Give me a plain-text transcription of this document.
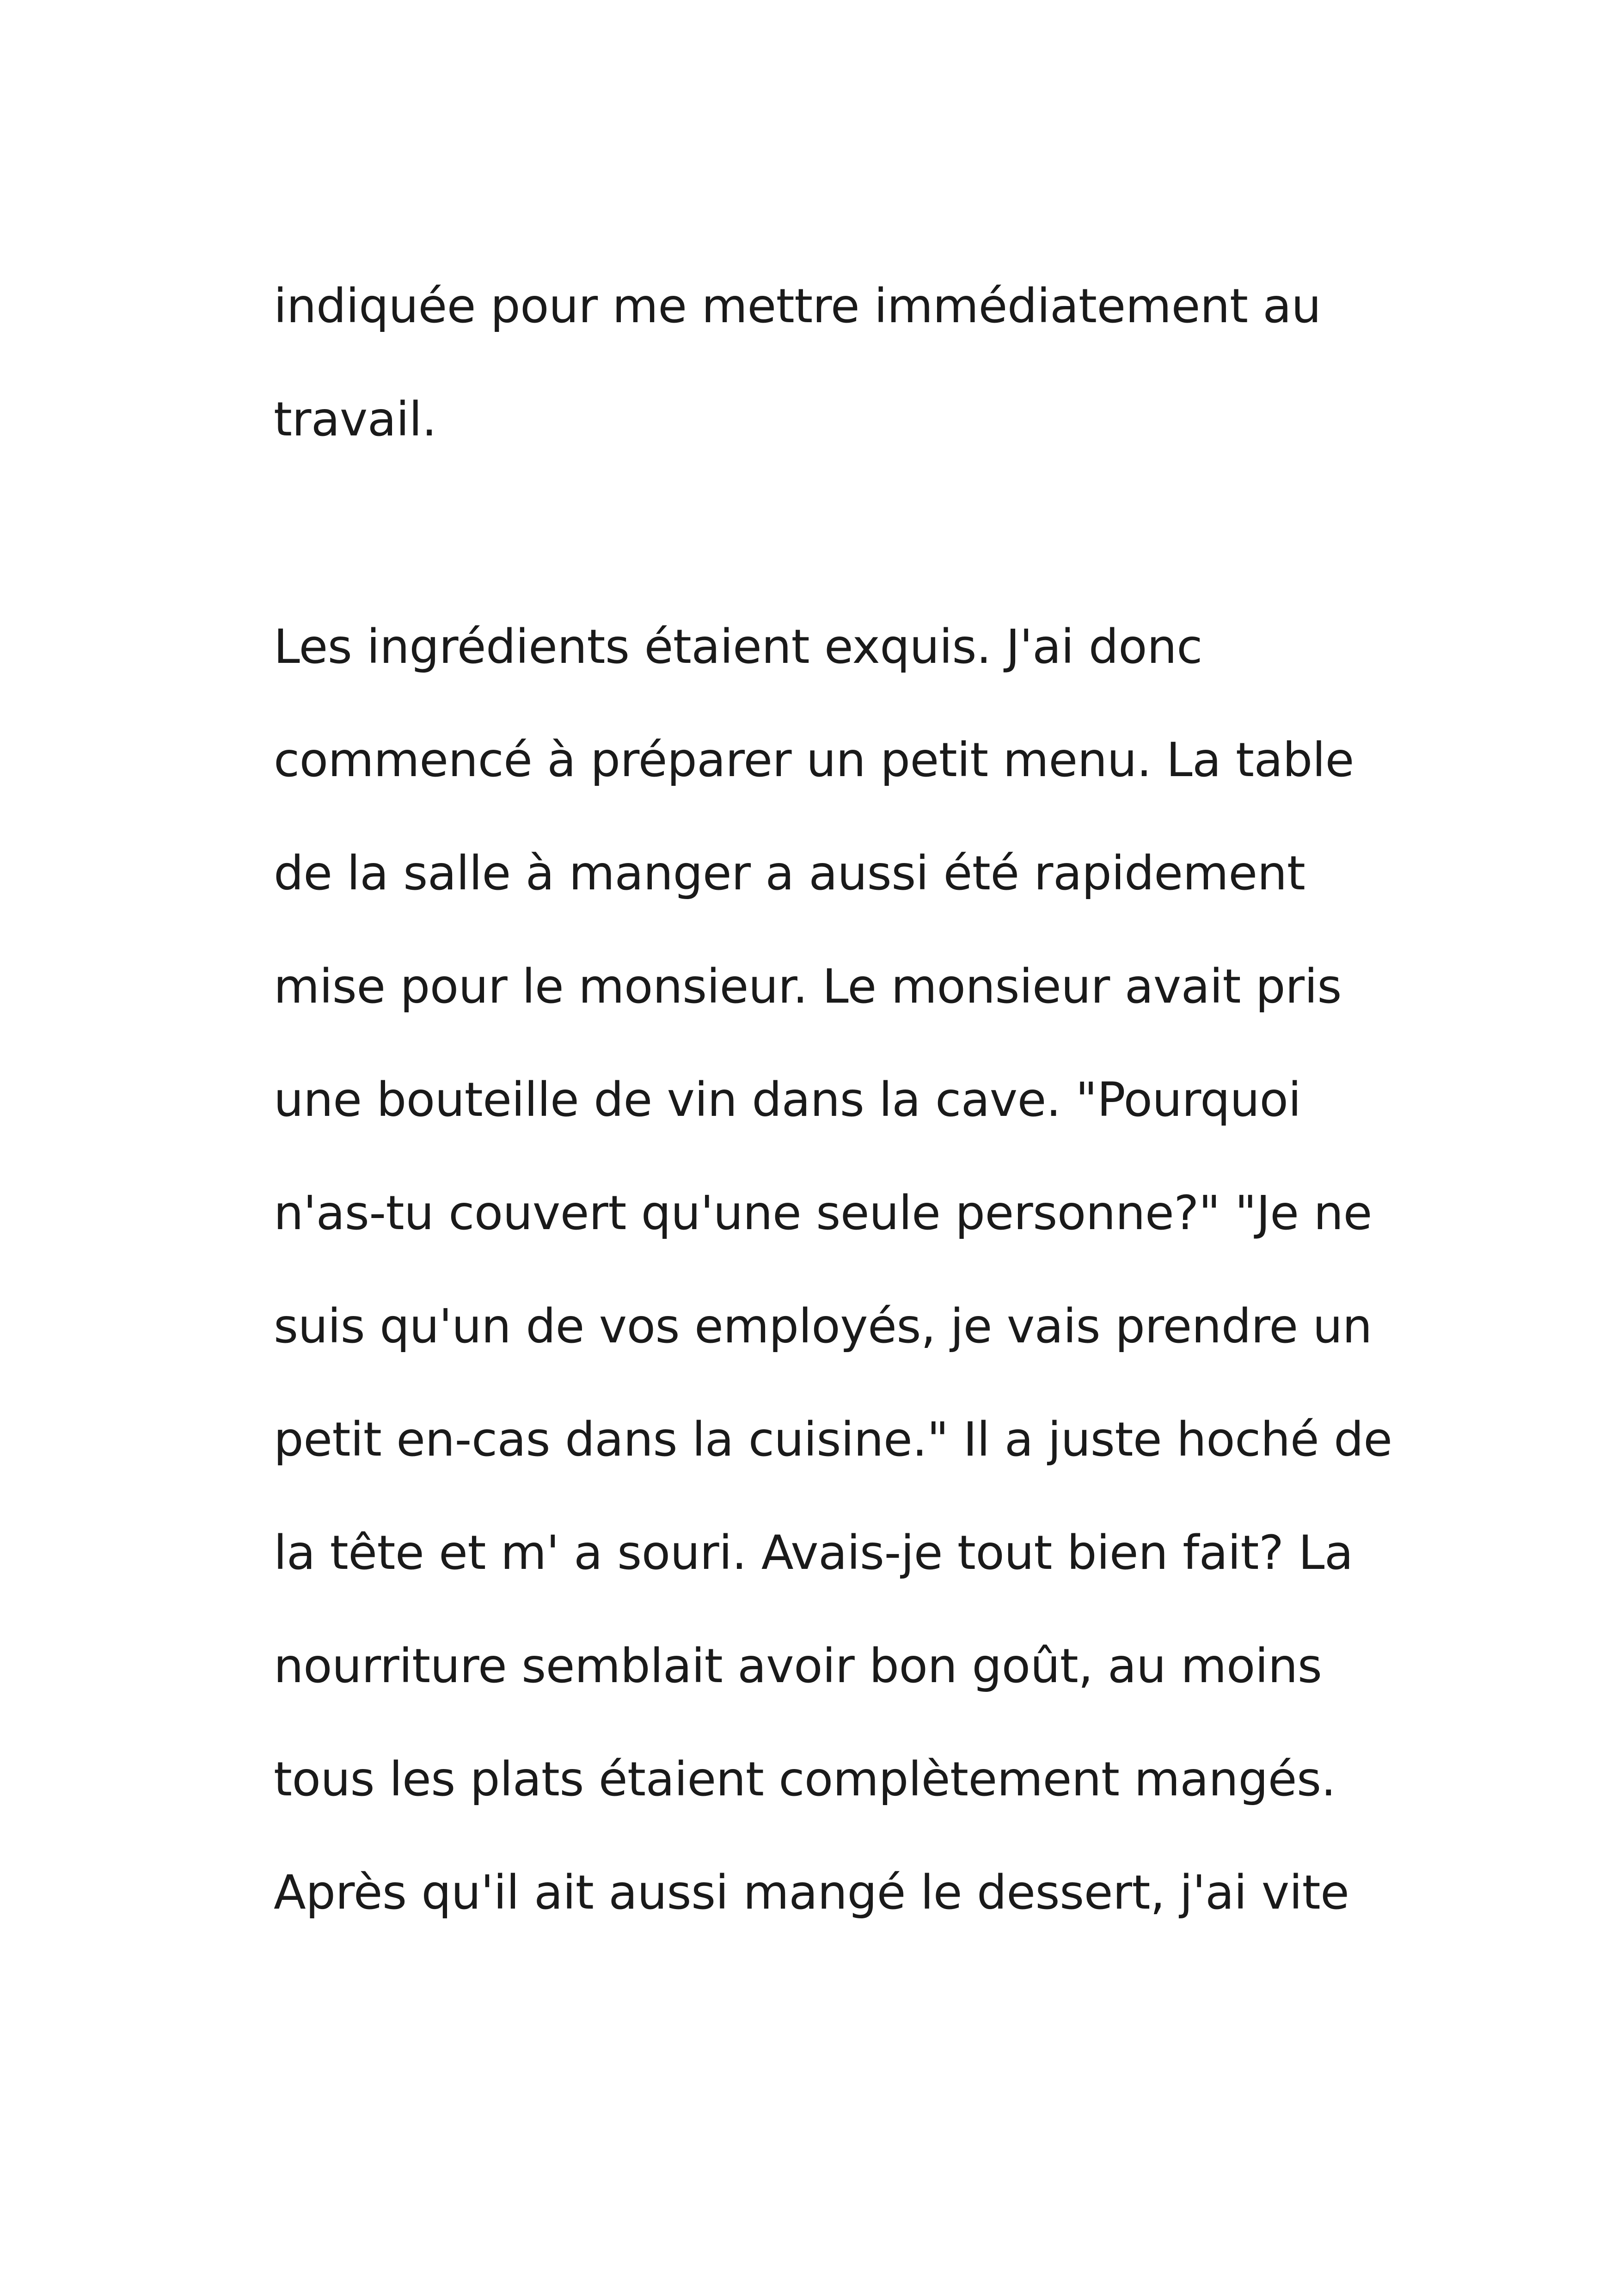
indiquée pour me mettre immédiatement au

travail.

Les ingrédients étaient exquis. J'ai donc

commencé à préparer un petit menu. La table

de la salle à manger a aussi été rapidement

mise pour le monsieur. Le monsieur avait pris

une bouteille de vin dans la cave. "Pourquoi

n'as-tu couvert qu'une seule personne?" "Je ne

suis qu'un de vos employés, je vais prendre un

petit en-cas dans la cuisine." Il a juste hoché de

la tête et m' a souri. Avais-je tout bien fait? La

nourriture semblait avoir bon goût, au moins

tous les plats étaient complètement mangés.

Après qu'il ait aussi mangé le dessert, j'ai vite
